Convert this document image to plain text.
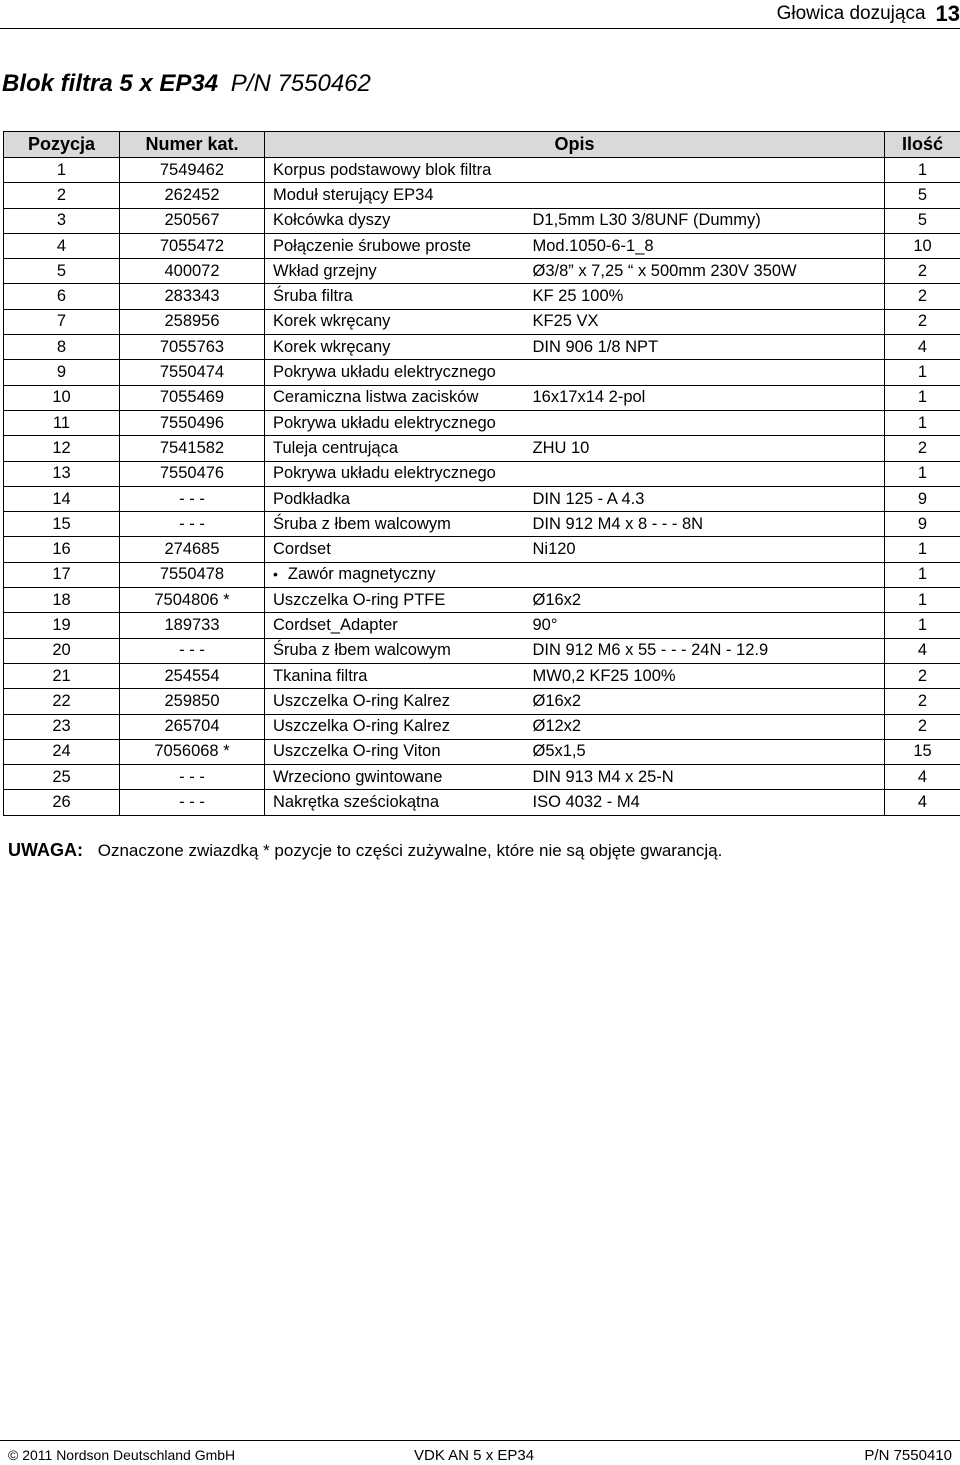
Głowica dozująca 13
Blok filtra 5 x EP34 P/N 7550462
Pozycja	Numer kat.	Opis		Ilość
1	7549462	Korpus podstawowy blok filtra		1
2	262452	Moduł sterujący EP34		5
3	250567	Kołcówka dyszy	D1,5mm L30 3/8UNF (Dummy)	5
4	7055472	Połączenie śrubowe proste	Mod.1050-6-1_8	10
5	400072	Wkład grzejny	Ø3/8” x 7,25 “ x 500mm 230V 350W	2
6	283343	Śruba filtra	KF 25 100%	2
7	258956	Korek wkręcany	KF25 VX	2
8	7055763	Korek wkręcany	DIN 906 1/8 NPT	4
9	7550474	Pokrywa układu elektrycznego		1
10	7055469	Ceramiczna listwa zacisków	16x17x14 2-pol	1
11	7550496	Pokrywa układu elektrycznego		1
12	7541582	Tuleja centrująca	ZHU 10	2
13	7550476	Pokrywa układu elektrycznego		1
14	- - -	Podkładka	DIN 125 - A 4.3	9
15	- - -	Śruba z łbem walcowym	DIN 912 M4 x 8 - - - 8N	9
16	274685	Cordset	Ni120	1
17	7550478	• Zawór magnetyczny		1
18	7504806 *	Uszczelka O-ring PTFE	Ø16x2	1
19	189733	Cordset_Adapter	90°	1
20	- - -	Śruba z łbem walcowym	DIN 912 M6 x 55 - - - 24N - 12.9	4
21	254554	Tkanina filtra	MW0,2 KF25 100%	2
22	259850	Uszczelka O-ring Kalrez	Ø16x2	2
23	265704	Uszczelka O-ring Kalrez	Ø12x2	2
24	7056068 *	Uszczelka O-ring Viton	Ø5x1,5	15
25	- - -	Wrzeciono gwintowane	DIN 913 M4 x 25-N	4
26	- - -	Nakrętka sześciokątna	ISO 4032 - M4	4
UWAGA: Oznaczone zwiazdką * pozycje to części zużywalne, które nie są objęte gwarancją.
© 2011 Nordson Deutschland GmbH	VDK AN 5 x EP34	P/N 7550410
